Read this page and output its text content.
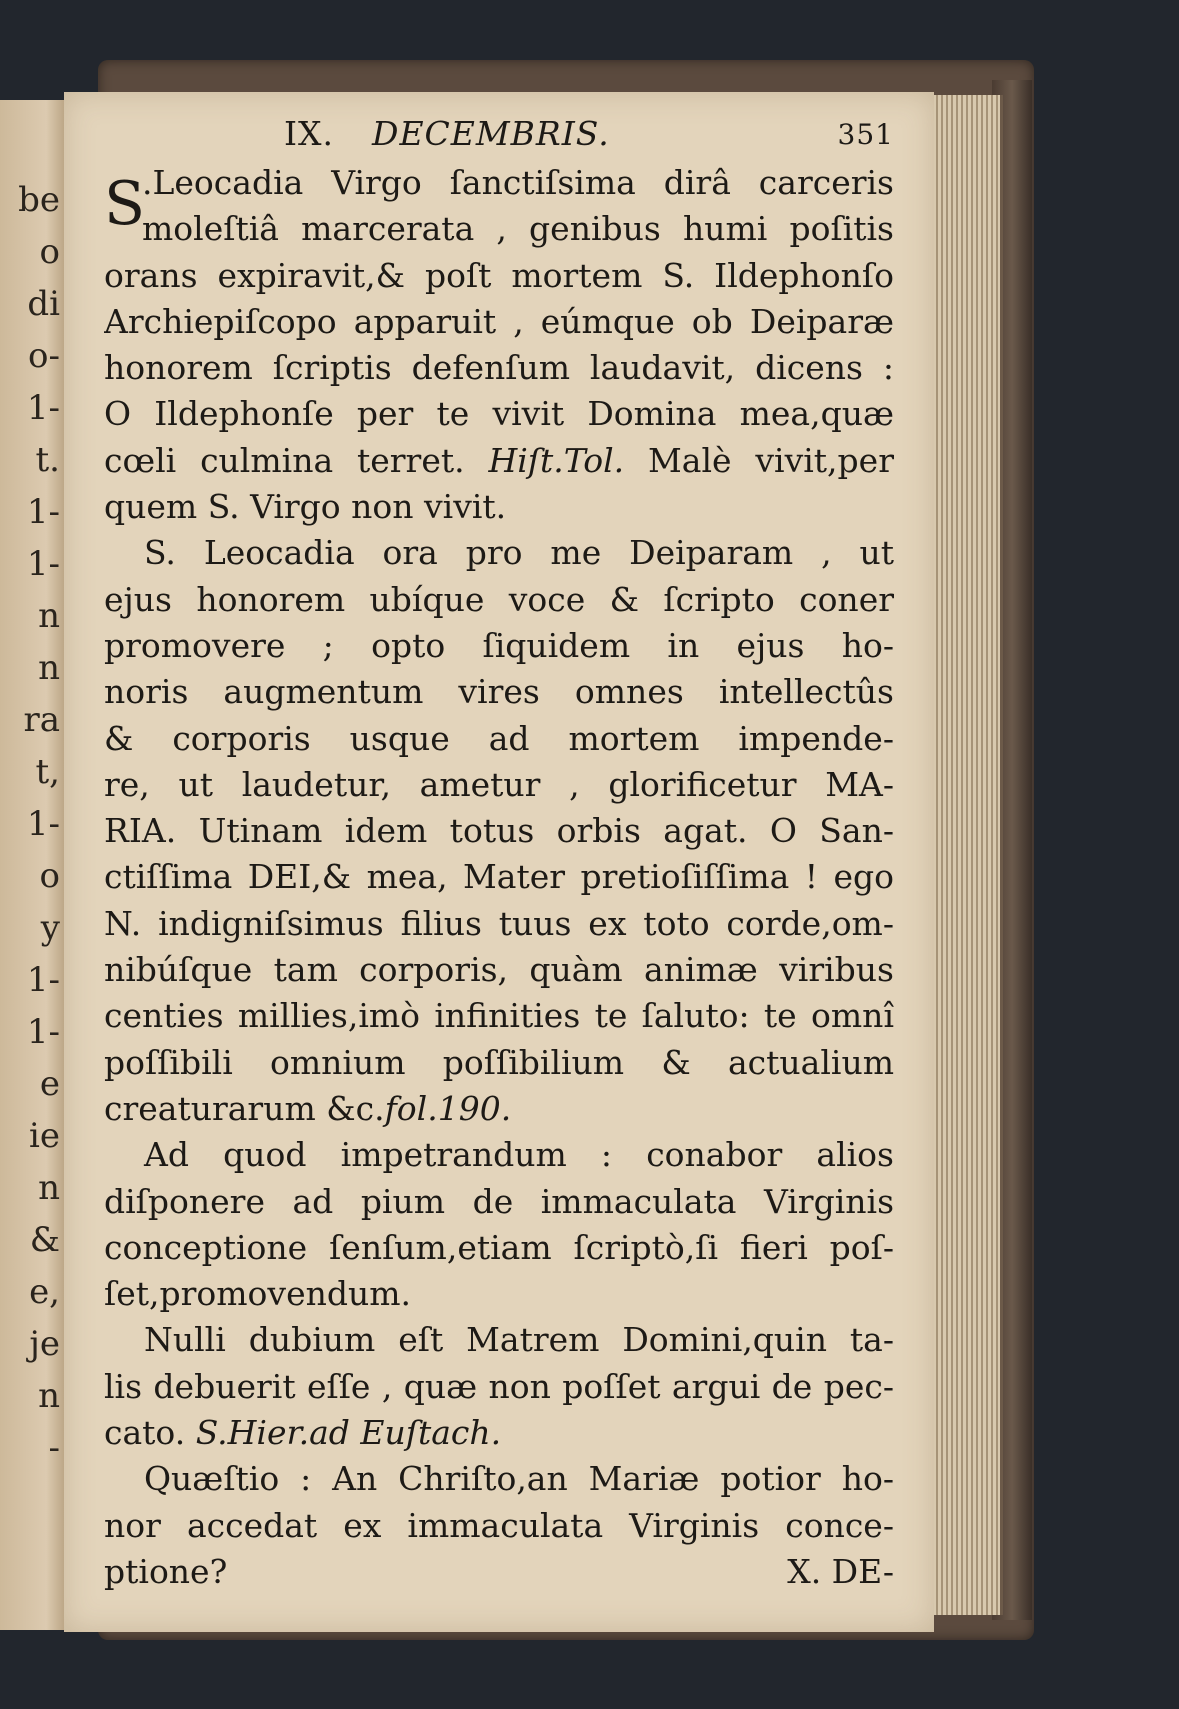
be
o
di
o-
1-
t.
1-
1-
n
n
ra
t,
1-
o
y
1-
1-
e
ie
n
&
e,
je
n
-
IX. DECEMBRIS.	351
S
.Leocadia Virgo ſanctiſsima dirâ carceris
moleſtiâ marcerata , genibus humi poſitis
orans expiravit,& poſt mortem S. Ildephonſo
Archiepiſcopo apparuit , eúmque ob Deiparæ
honorem ſcriptis defenſum laudavit, dicens :
O Ildephonſe per te vivit Domina mea,quæ
cœli culmina terret. Hiſt.Tol. Malè vivit,per
quem S. Virgo non vivit.
S. Leocadia ora pro me Deiparam , ut
ejus honorem ubíque voce & ſcripto coner
promovere ; opto ſiquidem in ejus ho-
noris augmentum vires omnes intellectûs
& corporis usque ad mortem impende-
re, ut laudetur, ametur , glorificetur MA-
RIA. Utinam idem totus orbis agat. O San-
ctiſſima DEI,& mea, Mater pretioſiſſima ! ego
N. indigniſsimus filius tuus ex toto corde,om-
nibúſque tam corporis, quàm animæ viribus
centies millies,imò infinities te ſaluto: te omnî
poſſibili omnium poſſibilium & actualium
creaturarum &c.fol.190.
Ad quod impetrandum : conabor alios
diſponere ad pium de immaculata Virginis
conceptione ſenſum,etiam ſcriptò,ſi fieri poſ-
ſet,promovendum.
Nulli dubium eſt Matrem Domini,quin ta-
lis debuerit eſſe , quæ non poſſet argui de pec-
cato. S.Hier.ad Euſtach.
Quæſtio : An Chriſto,an Mariæ potior ho-
nor accedat ex immaculata Virginis conce-
ptione?	X. DE-
